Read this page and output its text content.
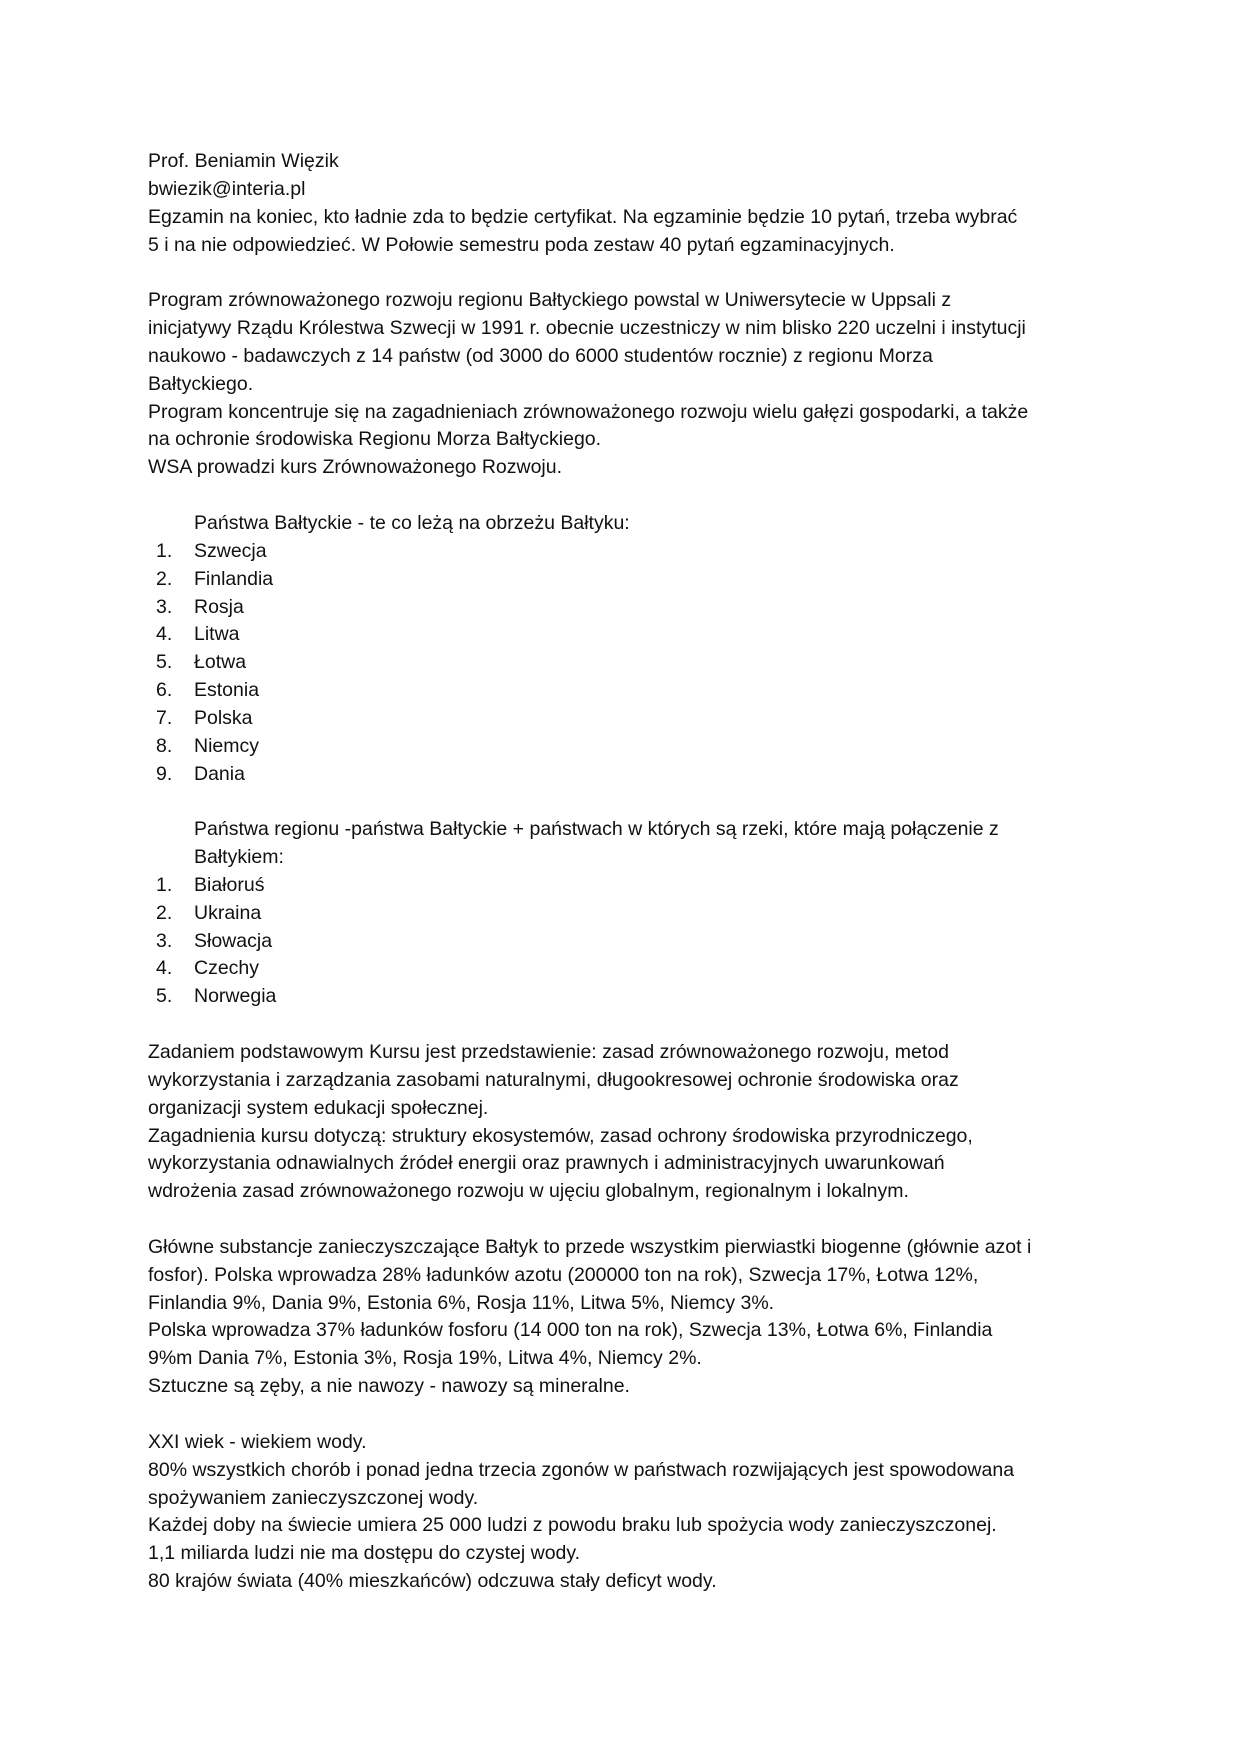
Prof. Beniamin Więzik
bwiezik@interia.pl
Egzamin na koniec, kto ładnie zda to będzie certyfikat. Na egzaminie będzie 10 pytań, trzeba wybrać
5 i na nie odpowiedzieć. W Połowie semestru poda zestaw 40 pytań egzaminacyjnych.
Program zrównoważonego rozwoju regionu Bałtyckiego powstal w Uniwersytecie w Uppsali z
inicjatywy Rządu Królestwa Szwecji w 1991 r. obecnie uczestniczy w nim blisko 220 uczelni i instytucji
naukowo - badawczych z 14 państw (od 3000 do 6000 studentów rocznie) z regionu Morza
Bałtyckiego.
Program koncentruje się na zagadnieniach zrównoważonego rozwoju wielu gałęzi gospodarki, a także
na ochronie środowiska Regionu Morza Bałtyckiego.
WSA prowadzi kurs Zrównoważonego Rozwoju.
Państwa Bałtyckie - te co leżą na obrzeżu Bałtyku:
1.	Szwecja
2.	Finlandia
3.	Rosja
4.	Litwa
5.	Łotwa
6.	Estonia
7.	Polska
8.	Niemcy
9.	Dania
Państwa regionu -państwa Bałtyckie + państwach w których są rzeki, które mają połączenie z
Bałtykiem:
1.	Białoruś
2.	Ukraina
3.	Słowacja
4.	Czechy
5.	Norwegia
Zadaniem podstawowym Kursu jest przedstawienie: zasad zrównoważonego rozwoju, metod
wykorzystania i zarządzania zasobami naturalnymi, długookresowej ochronie środowiska oraz
organizacji system edukacji społecznej.
Zagadnienia kursu dotyczą: struktury ekosystemów, zasad ochrony środowiska przyrodniczego,
wykorzystania odnawialnych źródeł energii oraz prawnych i administracyjnych uwarunkowań
wdrożenia zasad zrównoważonego rozwoju w ujęciu globalnym, regionalnym i lokalnym.
Główne substancje zanieczyszczające Bałtyk to przede wszystkim pierwiastki biogenne (głównie azot i
fosfor). Polska wprowadza 28% ładunków azotu (200000 ton na rok), Szwecja 17%, Łotwa 12%,
Finlandia 9%, Dania 9%, Estonia 6%, Rosja 11%, Litwa 5%, Niemcy 3%.
Polska wprowadza 37% ładunków fosforu (14 000 ton na rok), Szwecja 13%, Łotwa 6%, Finlandia
9%m Dania 7%, Estonia 3%, Rosja 19%, Litwa 4%, Niemcy 2%.
Sztuczne są zęby, a nie nawozy - nawozy są mineralne.
XXI wiek - wiekiem wody.
80% wszystkich chorób i ponad jedna trzecia zgonów w państwach rozwijających jest spowodowana
spożywaniem zanieczyszczonej wody.
Każdej doby na świecie umiera 25 000 ludzi z powodu braku lub spożycia wody zanieczyszczonej.
1,1 miliarda ludzi nie ma dostępu do czystej wody.
80 krajów świata (40% mieszkańców) odczuwa stały deficyt wody.
